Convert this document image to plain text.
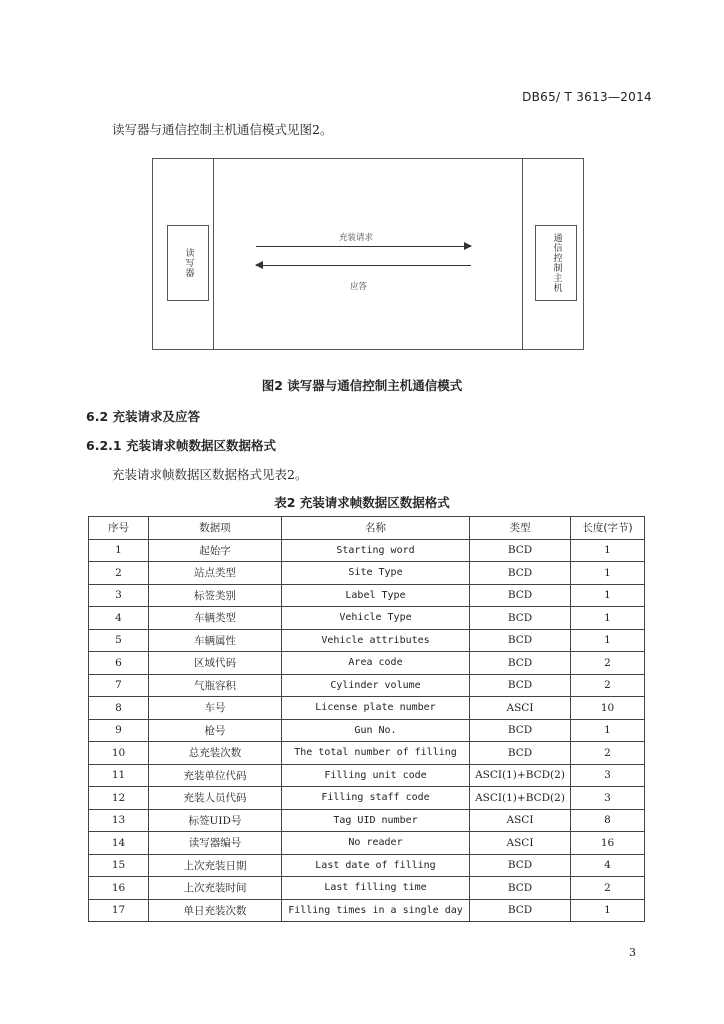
DB65/ T 3613—2014
读写器与通信控制主机通信模式见图2。
读写器	通信控制主机
充装请求
应答
图2 读写器与通信控制主机通信模式
6.2 充装请求及应答
6.2.1 充装请求帧数据区数据格式
充装请求帧数据区数据格式见表2。
表2 充装请求帧数据区数据格式
序号	数据项	名称	类型	长度(字节)
1	起始字	Starting word	BCD	1
2	站点类型	Site Type	BCD	1
3	标签类别	Label Type	BCD	1
4	车辆类型	Vehicle Type	BCD	1
5	车辆属性	Vehicle attributes	BCD	1
6	区域代码	Area code	BCD	2
7	气瓶容积	Cylinder volume	BCD	2
8	车号	License plate number	ASCI	10
9	枪号	Gun No.	BCD	1
10	总充装次数	The total number of filling	BCD	2
11	充装单位代码	Filling unit code	ASCI(1)+BCD(2)	3
12	充装人员代码	Filling staff code	ASCI(1)+BCD(2)	3
13	标签UID号	Tag UID number	ASCI	8
14	读写器编号	No reader	ASCI	16
15	上次充装日期	Last date of filling	BCD	4
16	上次充装时间	Last filling time	BCD	2
17	单日充装次数	Filling times in a single day	BCD	1
3
